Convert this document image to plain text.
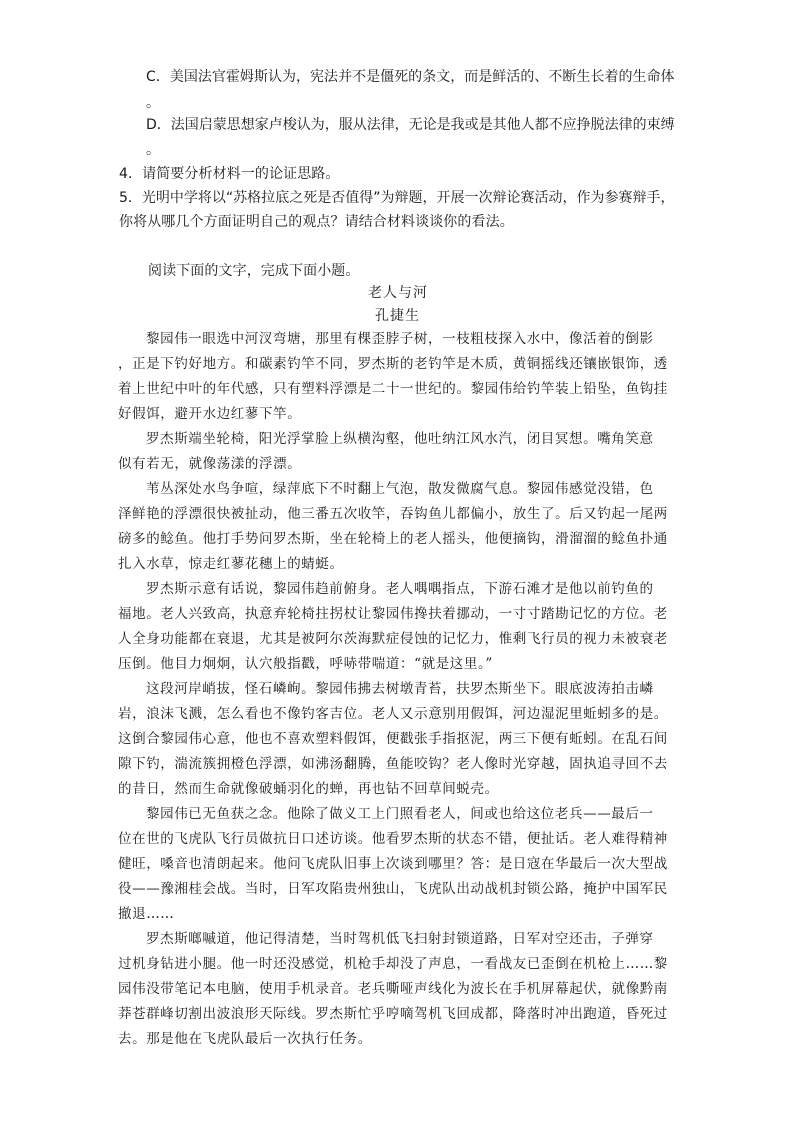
C．美国法官霍姆斯认为，宪法并不是僵死的条文，而是鲜活的、不断生长着的生命体
。
D．法国启蒙思想家卢梭认为，服从法律，无论是我或是其他人都不应挣脱法律的束缚
。
4．请简要分析材料一的论证思路。
5．光明中学将以“苏格拉底之死是否值得”为辩题，开展一次辩论赛活动，作为参赛辩手，
你将从哪几个方面证明自己的观点？请结合材料谈谈你的看法。
阅读下面的文字，完成下面小题。
老人与河
孔捷生
黎园伟一眼选中河汊弯塘，那里有棵歪脖子树，一枝粗枝探入水中，像活着的倒影
，正是下钓好地方。和碳素钓竿不同，罗杰斯的老钓竿是木质，黄铜摇线还镶嵌银饰，透
着上世纪中叶的年代感，只有塑料浮漂是二十一世纪的。黎园伟给钓竿装上铅坠，鱼钩挂
好假饵，避开水边红蓼下竿。
罗杰斯端坐轮椅，阳光浮掌脸上纵横沟壑，他吐纳江风水汽，闭目冥想。嘴角笑意
似有若无，就像荡漾的浮漂。
苇丛深处水鸟争喧，绿萍底下不时翻上气泡，散发微腐气息。黎园伟感觉没错，色
泽鲜艳的浮漂很快被扯动，他三番五次收竿，吞钩鱼儿都偏小，放生了。后又钓起一尾两
磅多的鲶鱼。他打手势问罗杰斯，坐在轮椅上的老人摇头，他便摘钩，滑溜溜的鲶鱼扑通
扎入水草，惊走红蓼花穗上的蜻蜓。
罗杰斯示意有话说，黎园伟趋前俯身。老人喁喁指点，下游石滩才是他以前钓鱼的
福地。老人兴致高，执意弃轮椅拄拐杖让黎园伟搀扶着挪动，一寸寸踏勘记忆的方位。老
人全身功能都在衰退，尤其是被阿尔茨海默症侵蚀的记忆力，惟剩飞行员的视力未被衰老
压倒。他目力炯炯，认穴般指戳，呼哧带喘道：“就是这里。”
这段河岸峭拔，怪石嶙峋。黎园伟拂去树墩青苔，扶罗杰斯坐下。眼底波涛拍击嶙
岩，浪沫飞溅，怎么看也不像钓客吉位。老人又示意别用假饵，河边湿泥里蚯蚓多的是。
这倒合黎园伟心意，他也不喜欢塑料假饵，便戳张手指抠泥，两三下便有蚯蚓。在乱石间
隙下钓，湍流簇拥橙色浮漂，如沸汤翻腾，鱼能咬钩？老人像时光穿越，固执追寻回不去
的昔日，然而生命就像破蛹羽化的蝉，再也钻不回草间蜕壳。
黎园伟已无鱼获之念。他除了做义工上门照看老人，间或也给这位老兵——最后一
位在世的飞虎队飞行员做抗日口述访谈。他看罗杰斯的状态不错，便扯话。老人难得精神
健旺，嗓音也清朗起来。他问飞虎队旧事上次谈到哪里？答：是日寇在华最后一次大型战
役——豫湘桂会战。当时，日军攻陷贵州独山，飞虎队出动战机封锁公路，掩护中国军民
撤退……
罗杰斯啷嘁道，他记得清楚，当时驾机低飞扫射封锁道路，日军对空还击，子弹穿
过机身钻进小腿。他一时还没感觉，机枪手却没了声息，一看战友已歪倒在机枪上……黎
园伟没带笔记本电脑，使用手机录音。老兵嘶哑声线化为波长在手机屏幕起伏，就像黔南
莽苍群峰切割出波浪形天际线。罗杰斯忙乎哼嘀驾机飞回成都，降落时冲出跑道，昏死过
去。那是他在飞虎队最后一次执行任务。
